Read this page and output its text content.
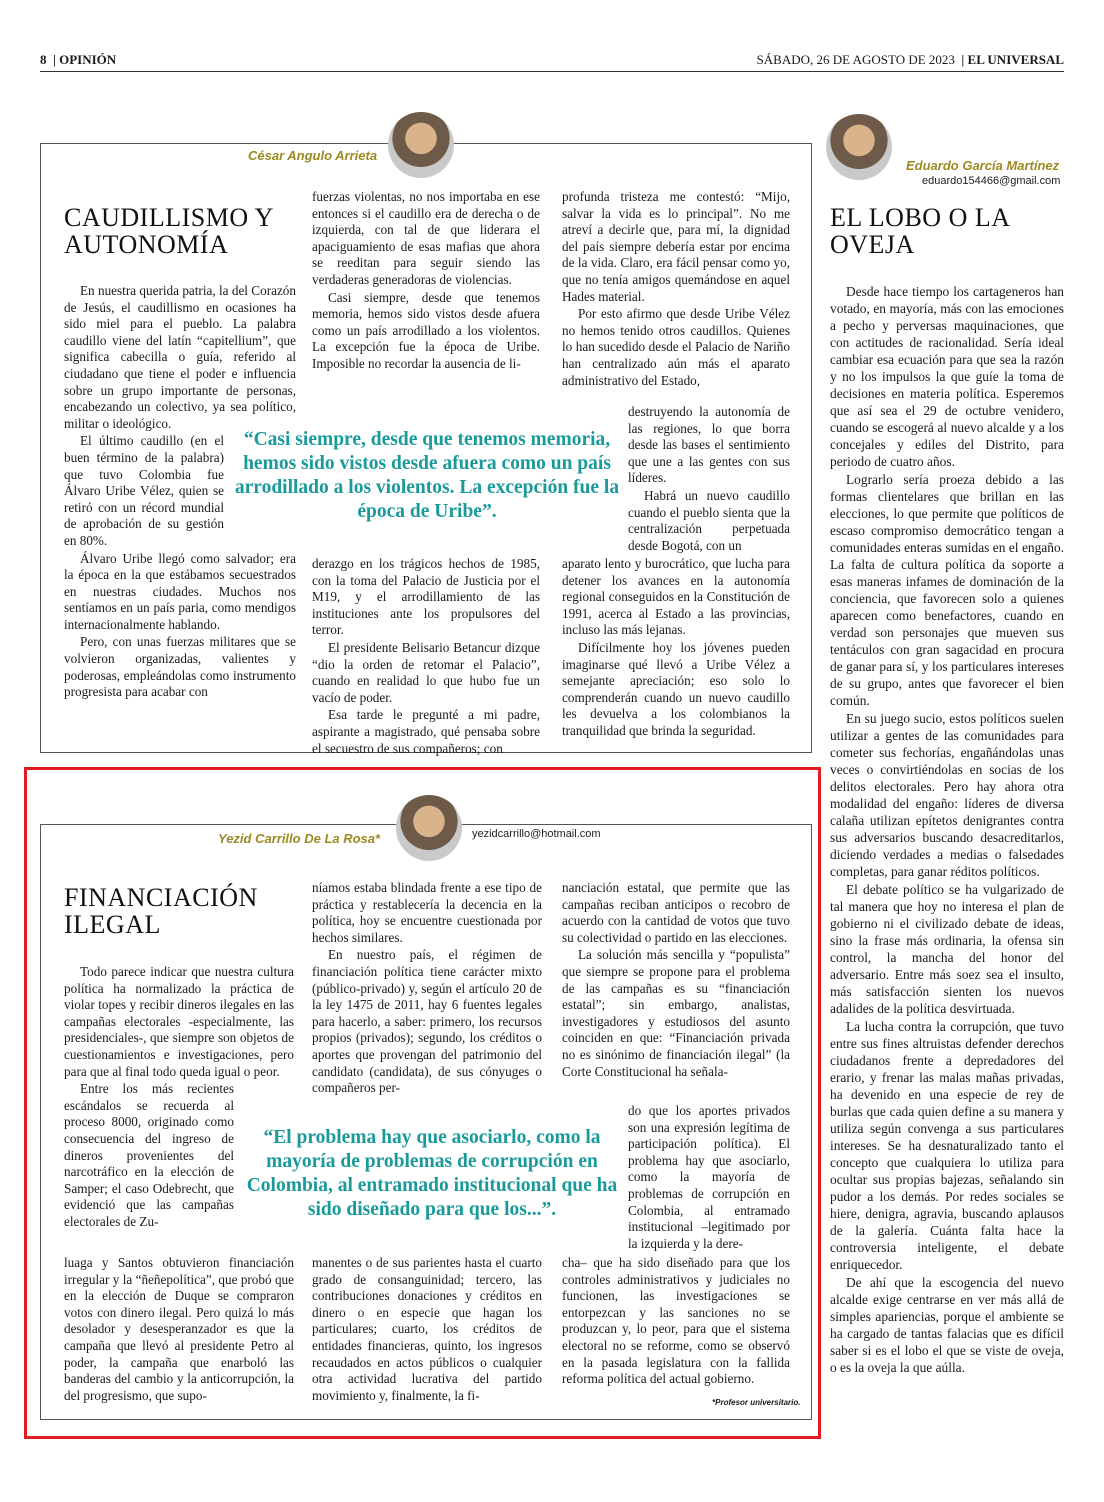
8  | OPINIÓN	SÁBADO, 26 DE AGOSTO DE 2023  | EL UNIVERSAL
César Angulo Arrieta
CAUDILLISMO Y AUTONOMÍA

En nuestra querida patria, la del Corazón de Jesús, el caudillismo en ocasiones ha sido miel para el pueblo. La palabra caudillo viene del latín “capitellium”, que significa cabecilla o guía, referido al ciudadano que tiene el poder e influencia sobre un grupo importante de personas, encabezando un colectivo, ya sea político, militar o ideológico.

El último caudillo (en el buen término de la palabra) que tuvo Colombia fue Álvaro Uribe Vélez, quien se retiró con un récord mundial de aprobación de su gestión en 80%.

Álvaro Uribe llegó como salvador; era la época en la que estábamos secuestrados en nuestras ciudades. Muchos nos sentíamos en un país paria, como mendigos internacionalmente hablando.

Pero, con unas fuerzas militares que se volvieron organizadas, valientes y poderosas, empleándolas como instrumento progresista para acabar con

fuerzas violentas, no nos importaba en ese entonces si el caudillo era de derecha o de izquierda, con tal de que liderara el apaciguamiento de esas mafias que ahora se reeditan para seguir siendo las verdaderas generadoras de violencias.

Casi siempre, desde que tenemos memoria, hemos sido vistos desde afuera como un país arrodillado a los violentos. La excepción fue la época de Uribe. Imposible no recordar la ausencia de li-

derazgo en los trágicos hechos de 1985, con la toma del Palacio de Justicia por el M19, y el arrodillamiento de las instituciones ante los propulsores del terror.

El presidente Belisario Betancur dizque “dio la orden de retomar el Palacio”, cuando en realidad lo que hubo fue un vacío de poder.

Esa tarde le pregunté a mi padre, aspirante a magistrado, qué pensaba sobre el secuestro de sus compañeros; con

profunda tristeza me contestó: “Mijo, salvar la vida es lo principal”. No me atreví a decirle que, para mí, la dignidad del país siempre debería estar por encima de la vida. Claro, era fácil pensar como yo, que no tenía amigos quemándose en aquel Hades material.

Por esto afirmo que desde Uribe Vélez no hemos tenido otros caudillos. Quienes lo han sucedido desde el Palacio de Nariño han centralizado aún más el aparato administrativo del Estado,

destruyendo la autonomía de las regiones, lo que borra desde las bases el sentimiento que une a las gentes con sus líderes.

Habrá un nuevo caudillo cuando el pueblo sienta que la centralización perpetuada desde Bogotá, con un

aparato lento y burocrático, que lucha para detener los avances en la autonomía regional conseguidos en la Constitución de 1991, acerca al Estado a las provincias, incluso las más lejanas.

Difícilmente hoy los jóvenes pueden imaginarse qué llevó a Uribe Vélez a semejante apreciación; eso solo lo comprenderán cuando un nuevo caudillo les devuelva a los colombianos la tranquilidad que brinda la seguridad.

“Casi siempre, desde que tenemos memoria, hemos sido vistos desde afuera como un país arrodillado a los violentos. La excepción fue la época de Uribe”.
Eduardo García Martínez
eduardo154466@gmail.com
EL LOBO O LA OVEJA

Desde hace tiempo los cartageneros han votado, en mayoría, más con las emociones a pecho y perversas maquinaciones, que con actitudes de racionalidad. Sería ideal cambiar esa ecuación para que sea la razón y no los impulsos la que guíe la toma de decisiones en materia política. Esperemos que así sea el 29 de octubre venidero, cuando se escogerá al nuevo alcalde y a los concejales y ediles del Distrito, para periodo de cuatro años.

Lograrlo sería proeza debido a las formas clientelares que brillan en las elecciones, lo que permite que políticos de escaso compromiso democrático tengan a comunidades enteras sumidas en el engaño. La falta de cultura política da soporte a esas maneras infames de dominación de la conciencia, que favorecen solo a quienes aparecen como benefactores, cuando en verdad son personajes que mueven sus tentáculos con gran sagacidad en procura de ganar para sí, y los particulares intereses de su grupo, antes que favorecer el bien común.

En su juego sucio, estos políticos suelen utilizar a gentes de las comunidades para cometer sus fechorías, engañándolas unas veces o convirtiéndolas en socias de los delitos electorales. Pero hay ahora otra modalidad del engaño: líderes de diversa calaña utilizan epítetos denigrantes contra sus adversarios buscando desacreditarlos, diciendo verdades a medias o falsedades completas, para ganar réditos políticos.

El debate político se ha vulgarizado de tal manera que hoy no interesa el plan de gobierno ni el civilizado debate de ideas, sino la frase más ordinaria, la ofensa sin control, la mancha del honor del adversario. Entre más soez sea el insulto, más satisfacción sienten los nuevos adalides de la política desvirtuada.

La lucha contra la corrupción, que tuvo entre sus fines altruistas defender derechos ciudadanos frente a depredadores del erario, y frenar las malas mañas privadas, ha devenido en una especie de rey de burlas que cada quien define a su manera y utiliza según convenga a sus particulares intereses. Se ha desnaturalizado tanto el concepto que cualquiera lo utiliza para ocultar sus propias bajezas, señalando sin pudor a los demás. Por redes sociales se hiere, denigra, agravia, buscando aplausos de la galería. Cuánta falta hace la controversia inteligente, el debate enriquecedor.

De ahí que la escogencia del nuevo alcalde exige centrarse en ver más allá de simples apariencias, porque el ambiente se ha cargado de tantas falacias que es difícil saber si es el lobo el que se viste de oveja, o es la oveja la que aúlla.

Yezid Carrillo De La Rosa*	yezidcarrillo@hotmail.com
FINANCIACIÓN ILEGAL

Todo parece indicar que nuestra cultura política ha normalizado la práctica de violar topes y recibir dineros ilegales en las campañas electorales -especialmente, las presidenciales-, que siempre son objetos de cuestionamientos e investigaciones, pero para que al final todo queda igual o peor.

Entre los más recientes escándalos se recuerda al proceso 8000, originado como consecuencia del ingreso de dineros provenientes del narcotráfico en la elección de Samper; el caso Odebrecht, que evidenció que las campañas electorales de Zu-

luaga y Santos obtuvieron financiación irregular y la “ñeñepolítica”, que probó que en la elección de Duque se compraron votos con dinero ilegal. Pero quizá lo más desolador y desesperanzador es que la campaña que llevó al presidente Petro al poder, la campaña que enarboló las banderas del cambio y la anticorrupción, la del progresismo, que supo-

níamos estaba blindada frente a ese tipo de práctica y restablecería la decencia en la política, hoy se encuentre cuestionada por hechos similares.

En nuestro país, el régimen de financiación política tiene carácter mixto (público-privado) y, según el artículo 20 de la ley 1475 de 2011, hay 6 fuentes legales para hacerlo, a saber: primero, los recursos propios (privados); segundo, los créditos o aportes que provengan del patrimonio del candidato (candidata), de sus cónyuges o compañeros per-

manentes o de sus parientes hasta el cuarto grado de consanguinidad; tercero, las contribuciones donaciones y créditos en dinero o en especie que hagan los particulares; cuarto, los créditos de entidades financieras, quinto, los ingresos recaudados en actos públicos o cualquier otra actividad lucrativa del partido movimiento y, finalmente, la fi-

nanciación estatal, que permite que las campañas reciban anticipos o recobro de acuerdo con la cantidad de votos que tuvo su colectividad o partido en las elecciones.

La solución más sencilla y “populista” que siempre se propone para el problema de las campañas es su “financiación estatal”; sin embargo, analistas, investigadores y estudiosos del asunto coinciden en que: “Financiación privada no es sinónimo de financiación ilegal” (la Corte Constitucional ha señala-

do que los aportes privados son una expresión legítima de participación política). El problema hay que asociarlo, como la mayoría de problemas de corrupción en Colombia, al entramado institucional –legitimado por la izquierda y la dere-

cha– que ha sido diseñado para que los controles administrativos y judiciales no funcionen, las investigaciones se entorpezcan y las sanciones no se produzcan y, lo peor, para que el sistema electoral no se reforme, como se observó en la pasada legislatura con la fallida reforma política del actual gobierno.

“El problema hay que asociarlo, como la mayoría de problemas de corrupción en Colombia, al entramado institucional que ha sido diseñado para que los...”.
*Profesor universitario.
